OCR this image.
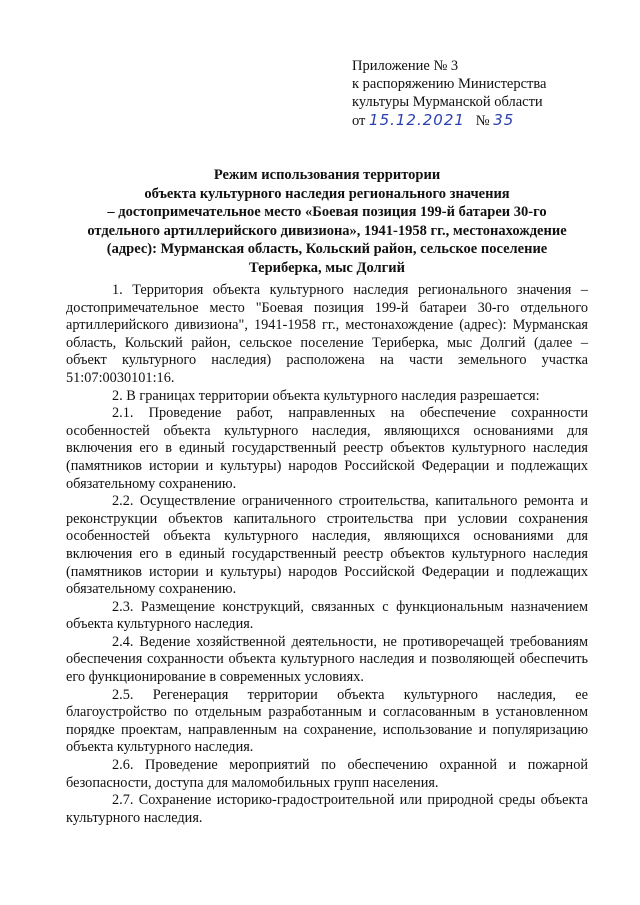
Приложение № 3
к распоряжению Министерства
культуры Мурманской области
от 15.12.2021 № 35
Режим использования территории
объекта культурного наследия регионального значения
– достопримечательное место «Боевая позиция 199-й батареи 30-го
отдельного артиллерийского дивизиона», 1941-1958 гг., местонахождение
(адрес): Мурманская область, Кольский район, сельское поселение
Териберка, мыс Долгий

1. Территория объекта культурного наследия регионального значения – достопримечательное место "Боевая позиция 199-й батареи 30-го отдельного артиллерийского дивизиона", 1941-1958 гг., местонахождение (адрес): Мурманская область, Кольский район, сельское поселение Териберка, мыс Долгий (далее – объект культурного наследия) расположена на части земельного участка 51:07:0030101:16.

2. В границах территории объекта культурного наследия разрешается:

2.1. Проведение работ, направленных на обеспечение сохранности особенностей объекта культурного наследия, являющихся основаниями для включения его в единый государственный реестр объектов культурного наследия (памятников истории и культуры) народов Российской Федерации и подлежащих обязательному сохранению.

2.2. Осуществление ограниченного строительства, капитального ремонта и реконструкции объектов капитального строительства при условии сохранения особенностей объекта культурного наследия, являющихся основаниями для включения его в единый государственный реестр объектов культурного наследия (памятников истории и культуры) народов Российской Федерации и подлежащих обязательному сохранению.

2.3. Размещение конструкций, связанных с функциональным назначением объекта культурного наследия.

2.4. Ведение хозяйственной деятельности, не противоречащей требованиям обеспечения сохранности объекта культурного наследия и позволяющей обеспечить его функционирование в современных условиях.

2.5. Регенерация территории объекта культурного наследия, ее благоустройство по отдельным разработанным и согласованным в установленном порядке проектам, направленным на сохранение, использование и популяризацию объекта культурного наследия.

2.6. Проведение мероприятий по обеспечению охранной и пожарной безопасности, доступа для маломобильных групп населения.

2.7. Сохранение историко-градостроительной или природной среды объекта культурного наследия.
